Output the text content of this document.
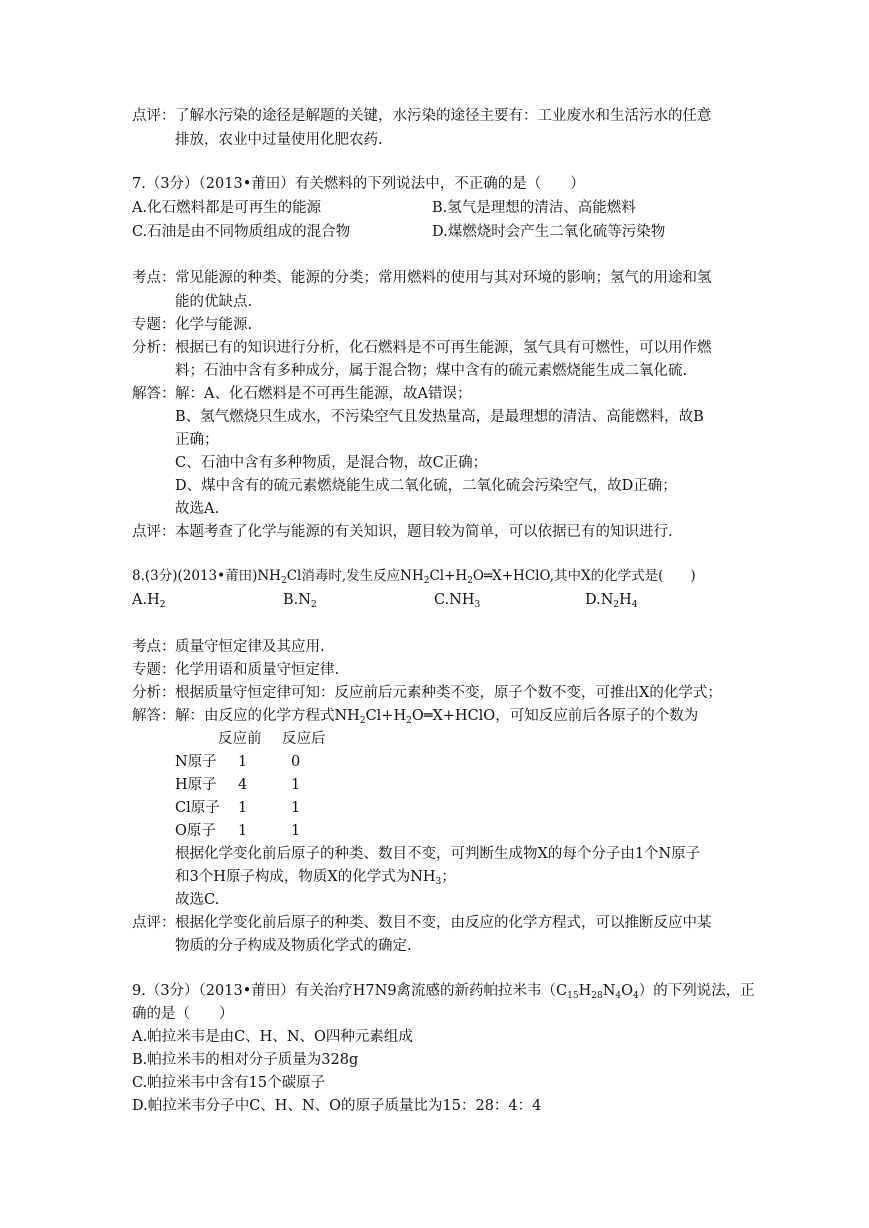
点评： 了解水污染的途径是解题的关键，水污染的途径主要有：工业废水和生活污水的任意
排放，农业中过量使用化肥农药.
7.（3分）（2013•莆田）有关燃料的下列说法中，不正确的是（　　）
A.化石燃料都是可再生的能源	B.氢气是理想的清洁、高能燃料
C.石油是由不同物质组成的混合物	D.煤燃烧时会产生二氧化硫等污染物
考点： 常见能源的种类、能源的分类；常用燃料的使用与其对环境的影响；氢气的用途和氢
能的优缺点.
专题： 化学与能源.
分析： 根据已有的知识进行分析，化石燃料是不可再生能源，氢气具有可燃性，可以用作燃
料；石油中含有多种成分，属于混合物；煤中含有的硫元素燃烧能生成二氧化硫.
解答： 解：A、化石燃料是不可再生能源，故A错误；
B、氢气燃烧只生成水，不污染空气且发热量高，是最理想的清洁、高能燃料，故B
正确；
C、石油中含有多种物质，是混合物，故C正确；
D、煤中含有的硫元素燃烧能生成二氧化硫，二氧化硫会污染空气，故D正确；
故选A.
点评： 本题考查了化学与能源的有关知识，题目较为简单，可以依据已有的知识进行.
8.(3分)(2013•莆田)$NH_2Cl$消毒时,发生反应$NH_2Cl+H_2O═X+HClO$,其中X的化学式是(　　)
$A.H_2$	$B.N_2$	$C.NH_3$	$D.N_2H_4$
考点： 质量守恒定律及其应用.
专题： 化学用语和质量守恒定律.
分析： 根据质量守恒定律可知：反应前后元素种类不变，原子个数不变，可推出X的化学式；
解答： 解：由反应的化学方程式$NH_2Cl+H_2O═X+HClO$，可知反应前后各原子的个数为
反应前 反应后
N原子 1	0
H原子 4	1
Cl原子 1	1
O原子 1	1
根据化学变化前后原子的种类、数目不变，可判断生成物X的每个分子由1个N原子
和3个H原子构成，物质X的化学式为$NH_3$；
故选C.
点评： 根据化学变化前后原子的种类、数目不变，由反应的化学方程式，可以推断反应中某
物质的分子构成及物质化学式的确定.
9.（3分）（2013•莆田）有关治疗H7N9禽流感的新药帕拉米韦$(C_{15}H_{28}N_4O_4)$的下列说法，正
确的是（　　）
A.帕拉米韦是由C、H、N、O四种元素组成
B.帕拉米韦的相对分子质量为328g
C.帕拉米韦中含有15个碳原子
D.帕拉米韦分子中C、H、N、O的原子质量比为15：28：4：4
